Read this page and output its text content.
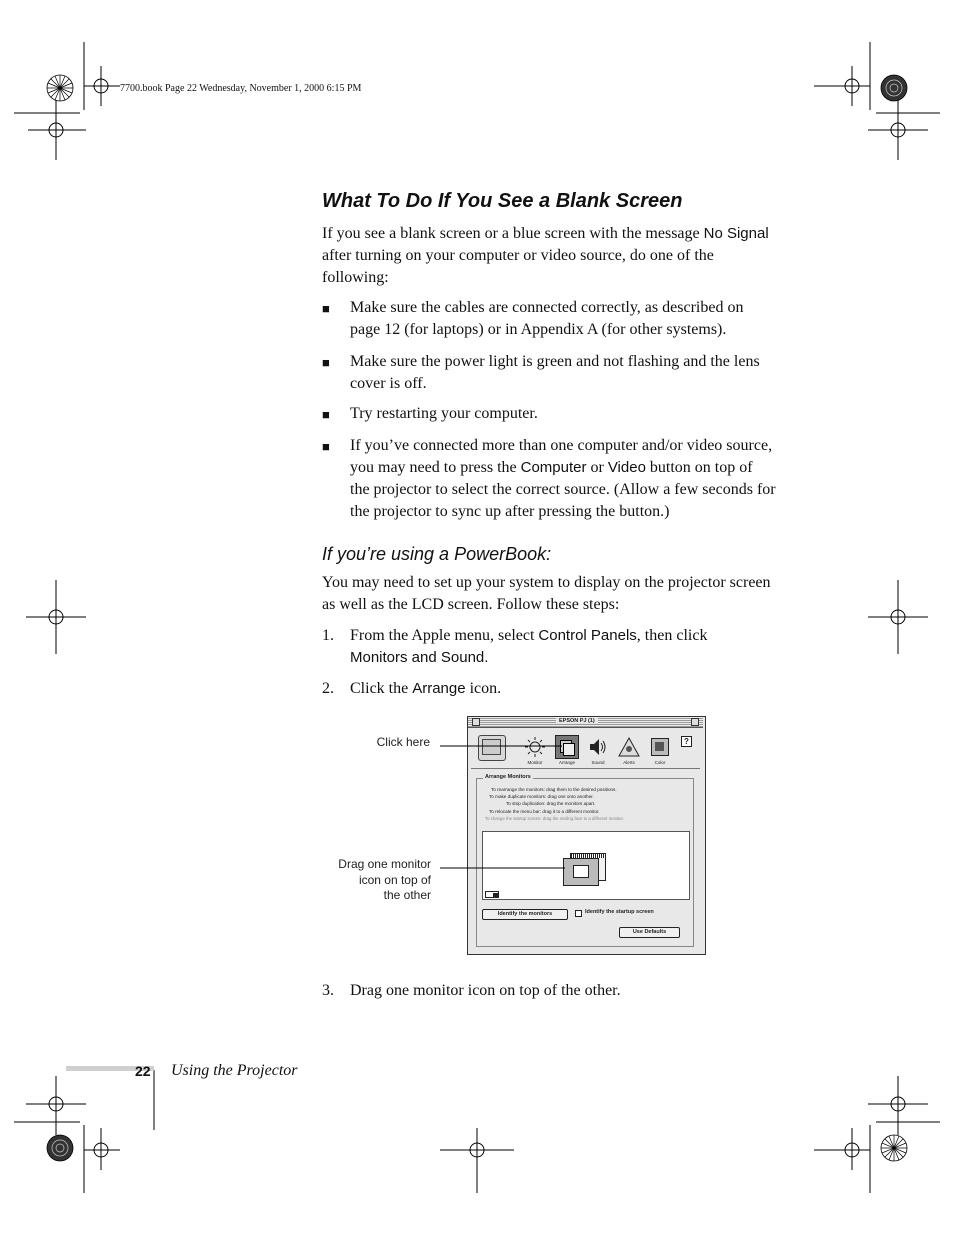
7700.book Page 22 Wednesday, November 1, 2000 6:15 PM
What To Do If You See a Blank Screen
If you see a blank screen or a blue screen with the message No Signal
after turning on your computer or video source, do one of the
following:
■	Make sure the cables are connected correctly, as described on
page 12 (for laptops) or in Appendix A (for other systems).
■	Make sure the power light is green and not flashing and the lens
cover is off.
■	Try restarting your computer.
■	If you’ve connected more than one computer and/or video source,
you may need to press the Computer or Video button on top of
the projector to select the correct source. (Allow a few seconds for
the projector to sync up after pressing the button.)
If you’re using a PowerBook:
You may need to set up your system to display on the projector screen
as well as the LCD screen. Follow these steps:
1. From the Apple menu, select Control Panels, then click
Monitors and Sound.
2. Click the Arrange icon.
3. Drag one monitor icon on top of the other.
Click here
Drag one monitor
icon on top of
the other
EPSON PJ (1)
?
Monitor	Arrange	Sound	Alerts	Color
Arrange Monitors
To rearrange the monitors: drag them to the desired positions.
To make duplicate monitors: drag one onto another.
To stop duplication: drag the monitors apart.
To relocate the menu bar: drag it to a different monitor.
To change the startup screen: drag the smiling face to a different monitor.
Identify the monitors	Identify the startup screen
Use Defaults
22 Using the Projector
